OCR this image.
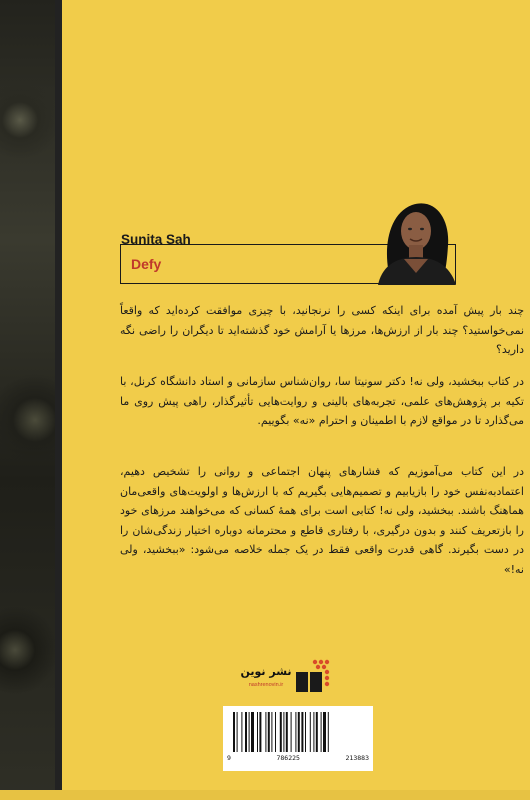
Sunita Sah
Defy

چند بار پیش آمده برای اینکه کسی را نرنجانید، با چیزی موافقت کرده‌اید که واقعاً نمی‌خواستید؟ چند بار از ارزش‌ها، مرزها یا آرامش خود گذشته‌اید تا دیگران را راضی نگه دارید؟

در کتاب ببخشید، ولی نه! دکتر سونیتا سا، روان‌شناس سازمانی و استاد دانشگاه کرنل، با تکیه بر پژوهش‌های علمی، تجربه‌های بالینی و روایت‌هایی تأثیرگذار، راهی پیش روی ما می‌گذارد تا در مواقع لازم با اطمینان و احترام «نه» بگوییم.

در این کتاب می‌آموزیم که فشارهای پنهان اجتماعی و روانی را تشخیص دهیم، اعتمادبه‌نفس خود را بازیابیم و تصمیم‌هایی بگیریم که با ارزش‌ها و اولویت‌های واقعی‌مان هماهنگ باشند. ببخشید، ولی نه! کتابی است برای همهٔ کسانی که می‌خواهند مرزهای خود را بازتعریف کنند و بدون درگیری، با رفتاری قاطع و محترمانه دوباره اختیار زندگی‌شان را در دست بگیرند. گاهی قدرت واقعی فقط در یک جمله خلاصه می‌شود: «ببخشید، ولی نه!»

نشر نوین
nashrenovin.ir
9	786225	213883
